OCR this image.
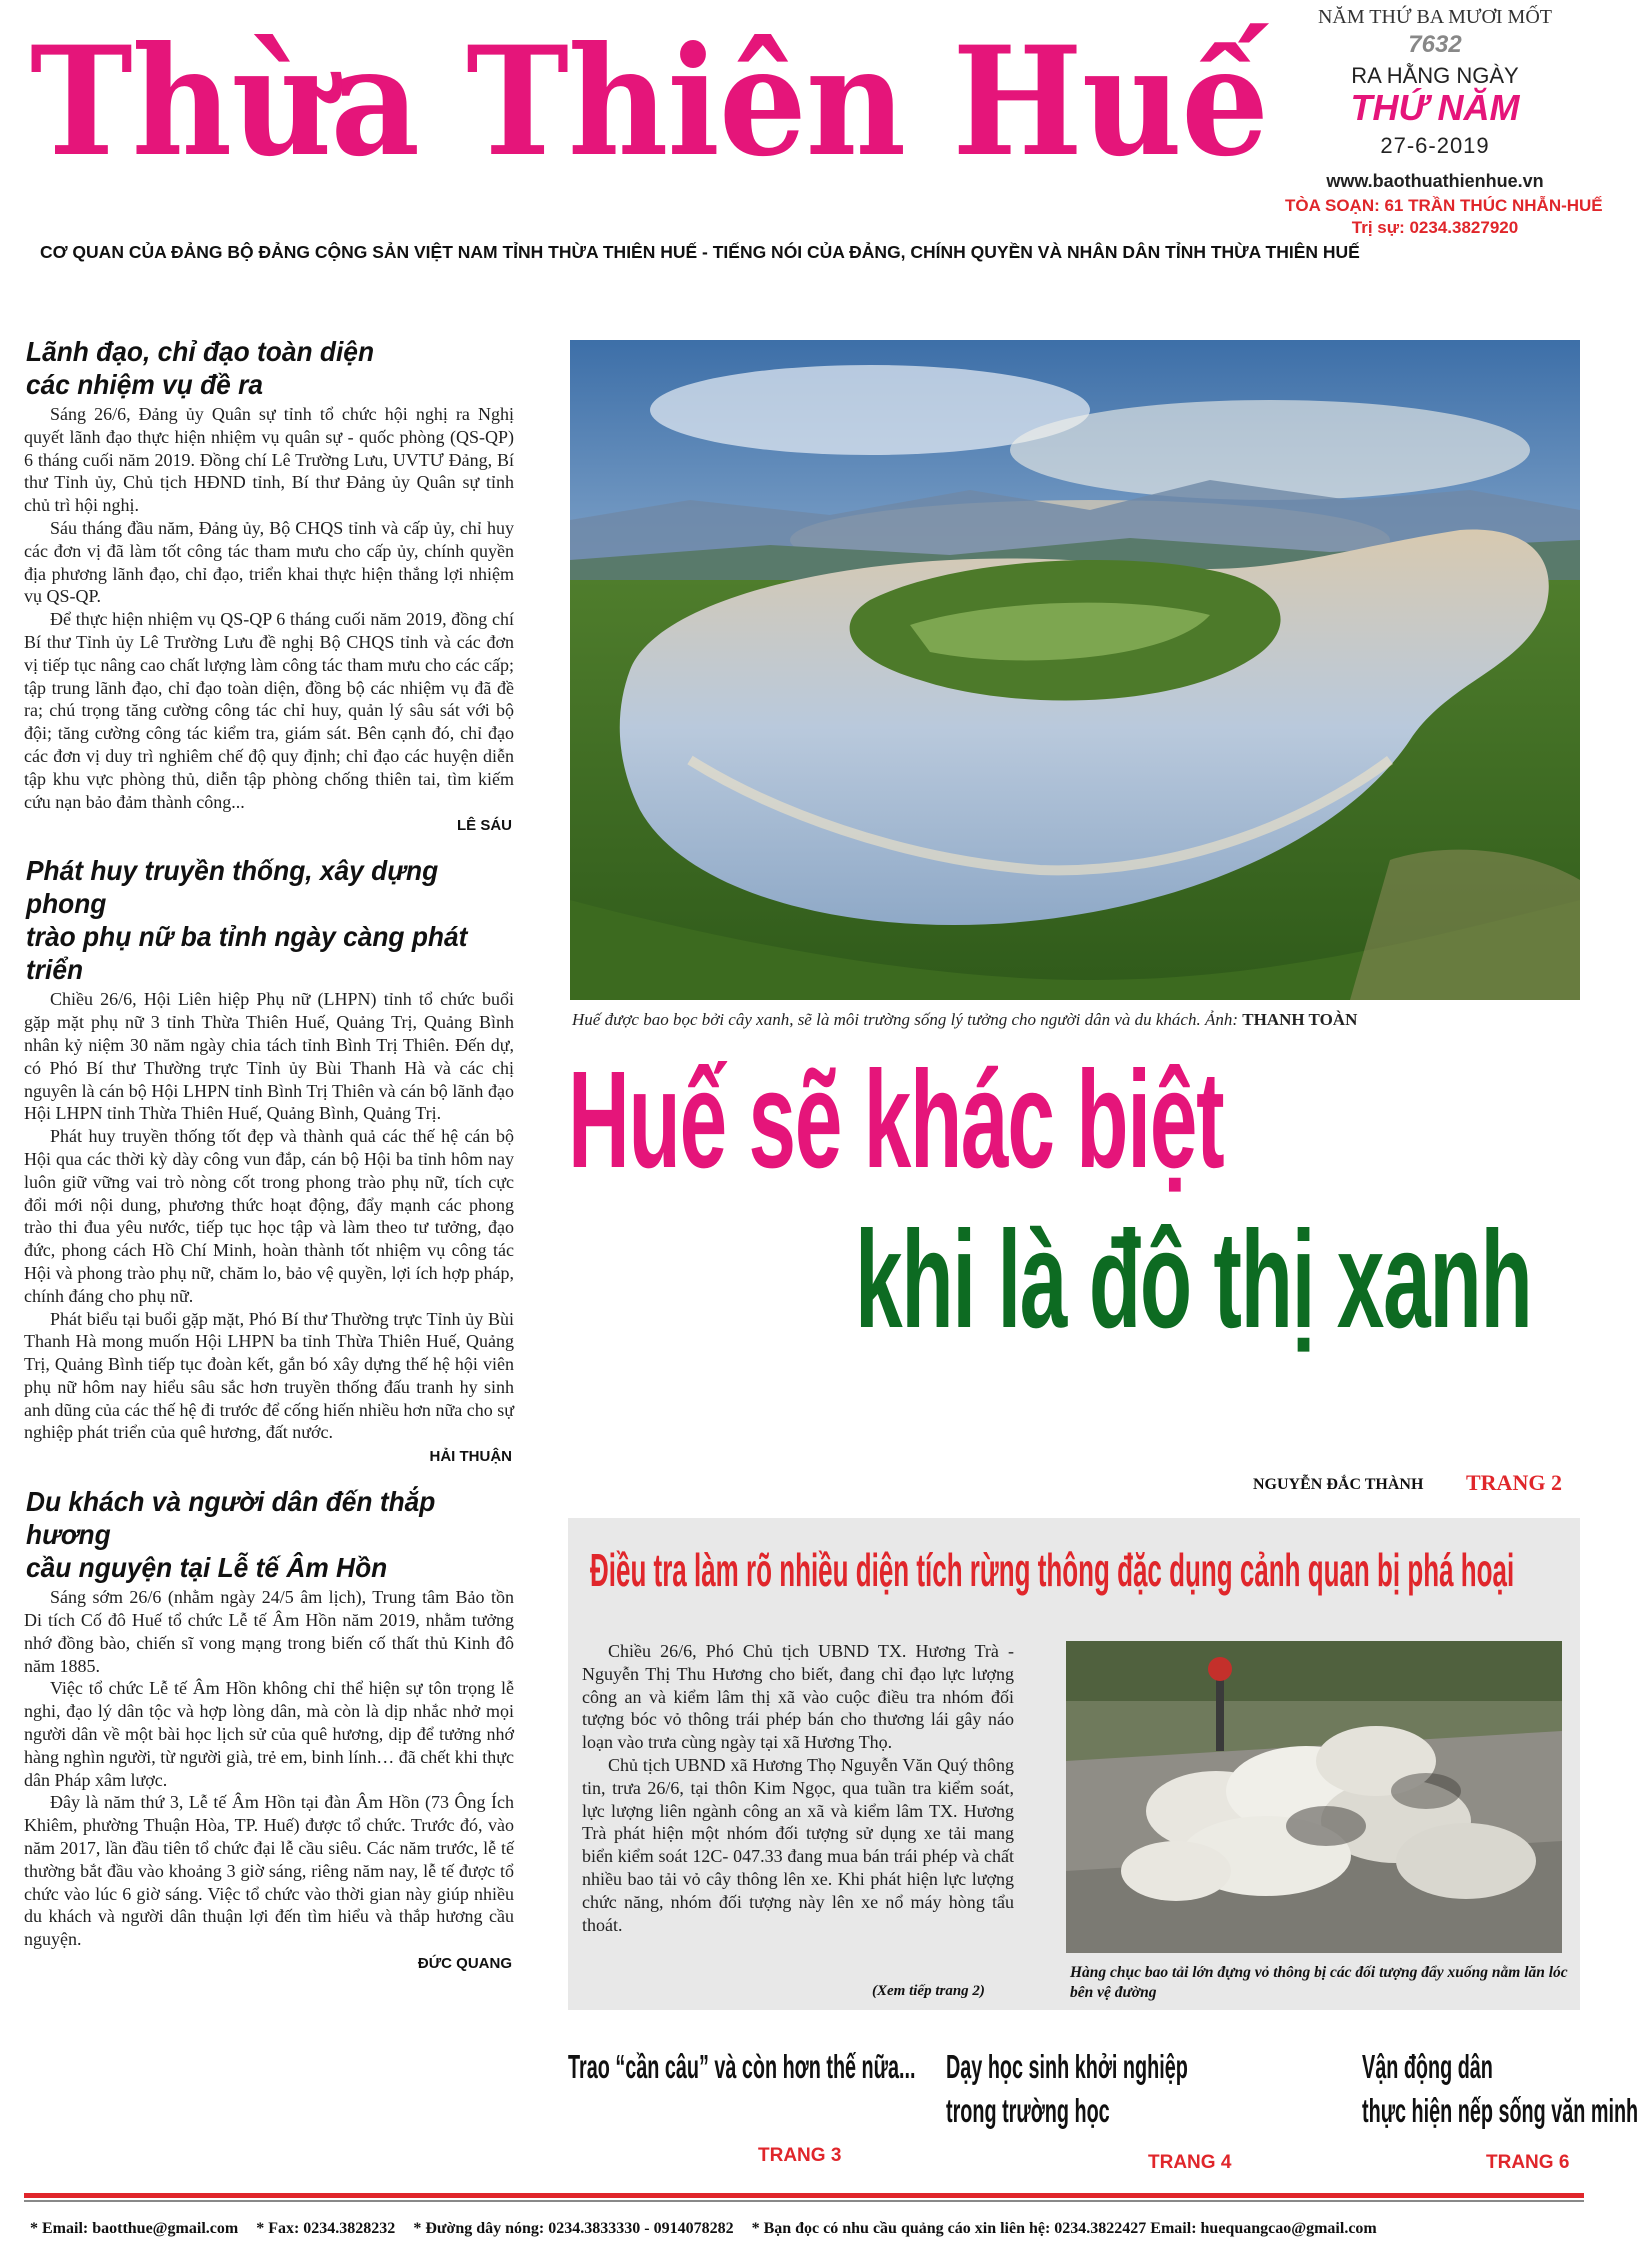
Thừa Thiên Huế
CƠ QUAN CỦA ĐẢNG BỘ ĐẢNG CỘNG SẢN VIỆT NAM TỈNH THỪA THIÊN HUẾ - TIẾNG NÓI CỦA ĐẢNG, CHÍNH QUYỀN VÀ NHÂN DÂN TỈNH THỪA THIÊN HUẾ
NĂM THỨ BA MƯƠI MỐT
7632
RA HẰNG NGÀY
THỨ NĂM
27-6-2019
www.baothuathienhue.vn
TÒA SOẠN: 61 TRẦN THÚC NHẪN-HUẾ
Trị sự: 0234.3827920
Lãnh đạo, chỉ đạo toàn diện
các nhiệm vụ đề ra

Sáng 26/6, Đảng ủy Quân sự tỉnh tổ chức hội nghị ra Nghị quyết lãnh đạo thực hiện nhiệm vụ quân sự - quốc phòng (QS-QP) 6 tháng cuối năm 2019. Đồng chí Lê Trường Lưu, UVTƯ Đảng, Bí thư Tỉnh ủy, Chủ tịch HĐND tỉnh, Bí thư Đảng ủy Quân sự tỉnh chủ trì hội nghị.

Sáu tháng đầu năm, Đảng ủy, Bộ CHQS tỉnh và cấp ủy, chỉ huy các đơn vị đã làm tốt công tác tham mưu cho cấp ủy, chính quyền địa phương lãnh đạo, chỉ đạo, triển khai thực hiện thắng lợi nhiệm vụ QS-QP.

Để thực hiện nhiệm vụ QS-QP 6 tháng cuối năm 2019, đồng chí Bí thư Tỉnh ủy Lê Trường Lưu đề nghị Bộ CHQS tỉnh và các đơn vị tiếp tục nâng cao chất lượng làm công tác tham mưu cho các cấp; tập trung lãnh đạo, chỉ đạo toàn diện, đồng bộ các nhiệm vụ đã đề ra; chú trọng tăng cường công tác chỉ huy, quản lý sâu sát với bộ đội; tăng cường công tác kiểm tra, giám sát. Bên cạnh đó, chỉ đạo các đơn vị duy trì nghiêm chế độ quy định; chỉ đạo các huyện diễn tập khu vực phòng thủ, diễn tập phòng chống thiên tai, tìm kiếm cứu nạn bảo đảm thành công...

LÊ SÁU
Phát huy truyền thống, xây dựng phong
trào phụ nữ ba tỉnh ngày càng phát triển

Chiều 26/6, Hội Liên hiệp Phụ nữ (LHPN) tỉnh tổ chức buổi gặp mặt phụ nữ 3 tỉnh Thừa Thiên Huế, Quảng Trị, Quảng Bình nhân kỷ niệm 30 năm ngày chia tách tỉnh Bình Trị Thiên. Đến dự, có Phó Bí thư Thường trực Tỉnh ủy Bùi Thanh Hà và các chị nguyên là cán bộ Hội LHPN tỉnh Bình Trị Thiên và cán bộ lãnh đạo Hội LHPN tỉnh Thừa Thiên Huế, Quảng Bình, Quảng Trị.

Phát huy truyền thống tốt đẹp và thành quả các thế hệ cán bộ Hội qua các thời kỳ dày công vun đắp, cán bộ Hội ba tỉnh hôm nay luôn giữ vững vai trò nòng cốt trong phong trào phụ nữ, tích cực đổi mới nội dung, phương thức hoạt động, đẩy mạnh các phong trào thi đua yêu nước, tiếp tục học tập và làm theo tư tưởng, đạo đức, phong cách Hồ Chí Minh, hoàn thành tốt nhiệm vụ công tác Hội và phong trào phụ nữ, chăm lo, bảo vệ quyền, lợi ích hợp pháp, chính đáng cho phụ nữ.

Phát biểu tại buổi gặp mặt, Phó Bí thư Thường trực Tỉnh ủy Bùi Thanh Hà mong muốn Hội LHPN ba tỉnh Thừa Thiên Huế, Quảng Trị, Quảng Bình tiếp tục đoàn kết, gắn bó xây dựng thế hệ hội viên phụ nữ hôm nay hiểu sâu sắc hơn truyền thống đấu tranh hy sinh anh dũng của các thế hệ đi trước để cống hiến nhiều hơn nữa cho sự nghiệp phát triển của quê hương, đất nước.

HẢI THUẬN
Du khách và người dân đến thắp hương
cầu nguyện tại Lễ tế Âm Hồn

Sáng sớm 26/6 (nhằm ngày 24/5 âm lịch), Trung tâm Bảo tồn Di tích Cố đô Huế tổ chức Lễ tế Âm Hồn năm 2019, nhằm tưởng nhớ đồng bào, chiến sĩ vong mạng trong biến cố thất thủ Kinh đô năm 1885.

Việc tổ chức Lễ tế Âm Hồn không chỉ thể hiện sự tôn trọng lễ nghi, đạo lý dân tộc và hợp lòng dân, mà còn là dịp nhắc nhở mọi người dân về một bài học lịch sử của quê hương, dịp để tưởng nhớ hàng nghìn người, từ người già, trẻ em, binh lính… đã chết khi thực dân Pháp xâm lược.

Đây là năm thứ 3, Lễ tế Âm Hồn tại đàn Âm Hồn (73 Ông Ích Khiêm, phường Thuận Hòa, TP. Huế) được tổ chức. Trước đó, vào năm 2017, lần đầu tiên tổ chức đại lễ cầu siêu. Các năm trước, lễ tế thường bắt đầu vào khoảng 3 giờ sáng, riêng năm nay, lễ tế được tổ chức vào lúc 6 giờ sáng. Việc tổ chức vào thời gian này giúp nhiều du khách và người dân thuận lợi đến tìm hiểu và thắp hương cầu nguyện.

ĐỨC QUANG
Huế được bao bọc bởi cây xanh, sẽ là môi trường sống lý tưởng cho người dân và du khách. Ảnh: THANH TOÀN
Huế sẽ khác biệt
khi là đô thị xanh
NGUYỄN ĐẮC THÀNH TRANG 2
Điều tra làm rõ nhiều diện tích rừng thông đặc dụng cảnh quan bị phá hoại

Chiều 26/6, Phó Chủ tịch UBND TX. Hương Trà - Nguyễn Thị Thu Hương cho biết, đang chỉ đạo lực lượng công an và kiểm lâm thị xã vào cuộc điều tra nhóm đối tượng bóc vỏ thông trái phép bán cho thương lái gây náo loạn vào trưa cùng ngày tại xã Hương Thọ.

Chủ tịch UBND xã Hương Thọ Nguyễn Văn Quý thông tin, trưa 26/6, tại thôn Kim Ngọc, qua tuần tra kiểm soát, lực lượng liên ngành công an xã và kiểm lâm TX. Hương Trà phát hiện một nhóm đối tượng sử dụng xe tải mang biển kiểm soát 12C- 047.33 đang mua bán trái phép và chất nhiều bao tải vỏ cây thông lên xe. Khi phát hiện lực lượng chức năng, nhóm đối tượng này lên xe nổ máy hòng tẩu thoát.

(Xem tiếp trang 2)
Hàng chục bao tải lớn đựng vỏ thông bị các đối tượng đẩy xuống nằm lăn lóc bên vệ đường
Trao “cần câu” và còn hơn thế nữa...
TRANG 3
Dạy học sinh khởi nghiệp
trong trường học
TRANG 4
Vận động dân
thực hiện nếp sống văn minh
TRANG 6
* Email: baotthue@gmail.com * Fax: 0234.3828232 * Đường dây nóng: 0234.3833330 - 0914078282 * Bạn đọc có nhu cầu quảng cáo xin liên hệ: 0234.3822427 Email: huequangcao@gmail.com
